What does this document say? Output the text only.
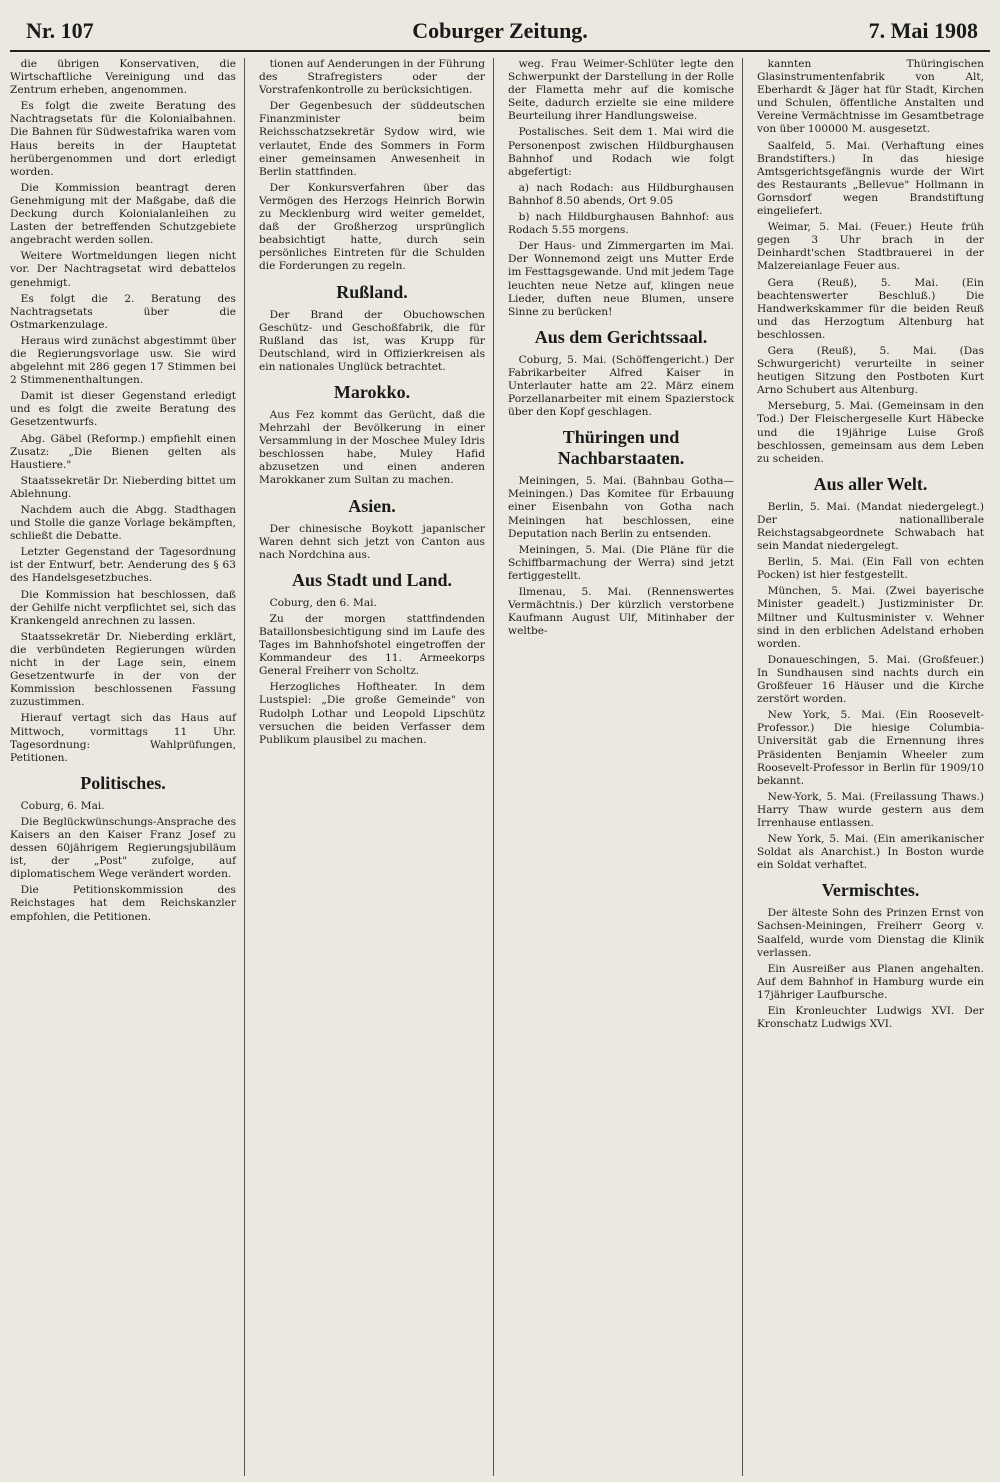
Nr. 107	Coburger Zeitung.	7. Mai 1908

die übrigen Konservativen, die Wirtschaftliche Vereinigung und das Zentrum erheben, angenommen.

Es folgt die zweite Beratung des Nachtragsetats für die Kolonialbahnen. Die Bahnen für Südwestafrika waren vom Haus bereits in der Hauptetat herübergenommen und dort erledigt worden.

Die Kommission beantragt deren Genehmigung mit der Maßgabe, daß die Deckung durch Kolonialanleihen zu Lasten der betreffenden Schutzgebiete angebracht werden sollen.

Weitere Wortmeldungen liegen nicht vor. Der Nachtragsetat wird debattelos genehmigt.

Es folgt die 2. Beratung des Nachtragsetats über die Ostmarkenzulage.

Heraus wird zunächst abgestimmt über die Regierungsvorlage usw. Sie wird abgelehnt mit 286 gegen 17 Stimmen bei 2 Stimmenenthaltungen.

Damit ist dieser Gegenstand erledigt und es folgt die zweite Beratung des Gesetzentwurfs.

Abg. Gäbel (Reformp.) empfiehlt einen Zusatz: „Die Bienen gelten als Haustiere."

Staatssekretär Dr. Nieberding bittet um Ablehnung.

Nachdem auch die Abgg. Stadthagen und Stolle die ganze Vorlage bekämpften, schließt die Debatte.

Letzter Gegenstand der Tagesordnung ist der Entwurf, betr. Aenderung des § 63 des Handelsgesetzbuches.

Die Kommission hat beschlossen, daß der Gehilfe nicht verpflichtet sei, sich das Krankengeld anrechnen zu lassen.

Staatssekretär Dr. Nieberding erklärt, die verbündeten Regierungen würden nicht in der Lage sein, einem Gesetzentwurfe in der von der Kommission beschlossenen Fassung zuzustimmen.

Hierauf vertagt sich das Haus auf Mittwoch, vormittags 11 Uhr. Tagesordnung: Wahlprüfungen, Petitionen.

Politisches.

Coburg, 6. Mai.

Die Beglückwünschungs-Ansprache des Kaisers an den Kaiser Franz Josef zu dessen 60jährigem Regierungsjubiläum ist, der „Post" zufolge, auf diplomatischem Wege verändert worden.

Die Petitionskommission des Reichstages hat dem Reichskanzler empfohlen, die Petitionen.

tionen auf Aenderungen in der Führung des Strafregisters oder der Vorstrafenkontrolle zu berücksichtigen.

Der Gegenbesuch der süddeutschen Finanzminister beim Reichsschatzsekretär Sydow wird, wie verlautet, Ende des Sommers in Form einer gemeinsamen Anwesenheit in Berlin stattfinden.

Der Konkursverfahren über das Vermögen des Herzogs Heinrich Borwin zu Mecklenburg wird weiter gemeldet, daß der Großherzog ursprünglich beabsichtigt hatte, durch sein persönliches Eintreten für die Schulden die Forderungen zu regeln.

Rußland.

Der Brand der Obuchowschen Geschütz- und Geschoßfabrik, die für Rußland das ist, was Krupp für Deutschland, wird in Offizierkreisen als ein nationales Unglück betrachtet.

Marokko.

Aus Fez kommt das Gerücht, daß die Mehrzahl der Bevölkerung in einer Versammlung in der Moschee Muley Idris beschlossen habe, Muley Hafid abzusetzen und einen anderen Marokkaner zum Sultan zu machen.

Asien.

Der chinesische Boykott japanischer Waren dehnt sich jetzt von Canton aus nach Nordchina aus.

Aus Stadt und Land.

Coburg, den 6. Mai.

Zu der morgen stattfindenden Bataillonsbesichtigung sind im Laufe des Tages im Bahnhofshotel eingetroffen der Kommandeur des 11. Armeekorps General Freiherr von Scholtz.

Herzogliches Hoftheater. In dem Lustspiel: „Die große Gemeinde" von Rudolph Lothar und Leopold Lipschütz versuchen die beiden Verfasser dem Publikum plausibel zu machen.

weg. Frau Weimer-Schlüter legte den Schwerpunkt der Darstellung in der Rolle der Flametta mehr auf die komische Seite, dadurch erzielte sie eine mildere Beurteilung ihrer Handlungsweise.

Postalisches. Seit dem 1. Mai wird die Personenpost zwischen Hildburghausen Bahnhof und Rodach wie folgt abgefertigt:

a) nach Rodach: aus Hildburghausen Bahnhof 8.50 abends, Ort 9.05

b) nach Hildburghausen Bahnhof: aus Rodach 5.55 morgens.

Der Haus- und Zimmergarten im Mai. Der Wonnemond zeigt uns Mutter Erde im Festtagsgewande. Und mit jedem Tage leuchten neue Netze auf, klingen neue Lieder, duften neue Blumen, unsere Sinne zu berücken!

Aus dem Gerichtssaal.

Coburg, 5. Mai. (Schöffengericht.) Der Fabrikarbeiter Alfred Kaiser in Unterlauter hatte am 22. März einem Porzellanarbeiter mit einem Spazierstock über den Kopf geschlagen.

Thüringen und Nachbarstaaten.

Meiningen, 5. Mai. (Bahnbau Gotha—Meiningen.) Das Komitee für Erbauung einer Eisenbahn von Gotha nach Meiningen hat beschlossen, eine Deputation nach Berlin zu entsenden.

Meiningen, 5. Mai. (Die Pläne für die Schiffbarmachung der Werra) sind jetzt fertiggestellt.

Ilmenau, 5. Mai. (Rennenswertes Vermächtnis.) Der kürzlich verstorbene Kaufmann August Ulf, Mitinhaber der weltbe-

kannten Thüringischen Glasinstrumentenfabrik von Alt, Eberhardt & Jäger hat für Stadt, Kirchen und Schulen, öffentliche Anstalten und Vereine Vermächtnisse im Gesamtbetrage von über 100000 M. ausgesetzt.

Saalfeld, 5. Mai. (Verhaftung eines Brandstifters.) In das hiesige Amtsgerichtsgefängnis wurde der Wirt des Restaurants „Bellevue" Hollmann in Gornsdorf wegen Brandstiftung eingeliefert.

Weimar, 5. Mai. (Feuer.) Heute früh gegen 3 Uhr brach in der Deinhardt'schen Stadtbrauerei in der Malzereianlage Feuer aus.

Gera (Reuß), 5. Mai. (Ein beachtenswerter Beschluß.) Die Handwerkskammer für die beiden Reuß und das Herzogtum Altenburg hat beschlossen.

Gera (Reuß), 5. Mai. (Das Schwurgericht) verurteilte in seiner heutigen Sitzung den Postboten Kurt Arno Schubert aus Altenburg.

Merseburg, 5. Mai. (Gemeinsam in den Tod.) Der Fleischergeselle Kurt Häbecke und die 19jährige Luise Groß beschlossen, gemeinsam aus dem Leben zu scheiden.

Aus aller Welt.

Berlin, 5. Mai. (Mandat niedergelegt.) Der nationalliberale Reichstagsabgeordnete Schwabach hat sein Mandat niedergelegt.

Berlin, 5. Mai. (Ein Fall von echten Pocken) ist hier festgestellt.

München, 5. Mai. (Zwei bayerische Minister geadelt.) Justizminister Dr. Miltner und Kultusminister v. Wehner sind in den erblichen Adelstand erhoben worden.

Donaueschingen, 5. Mai. (Großfeuer.) In Sundhausen sind nachts durch ein Großfeuer 16 Häuser und die Kirche zerstört worden.

New York, 5. Mai. (Ein Roosevelt-Professor.) Die hiesige Columbia-Universität gab die Ernennung ihres Präsidenten Benjamin Wheeler zum Roosevelt-Professor in Berlin für 1909/10 bekannt.

New-York, 5. Mai. (Freilassung Thaws.) Harry Thaw wurde gestern aus dem Irrenhause entlassen.

New York, 5. Mai. (Ein amerikanischer Soldat als Anarchist.) In Boston wurde ein Soldat verhaftet.

Vermischtes.

Der älteste Sohn des Prinzen Ernst von Sachsen-Meiningen, Freiherr Georg v. Saalfeld, wurde vom Dienstag die Klinik verlassen.

Ein Ausreißer aus Planen angehalten. Auf dem Bahnhof in Hamburg wurde ein 17jähriger Laufbursche.

Ein Kronleuchter Ludwigs XVI. Der Kronschatz Ludwigs XVI.
